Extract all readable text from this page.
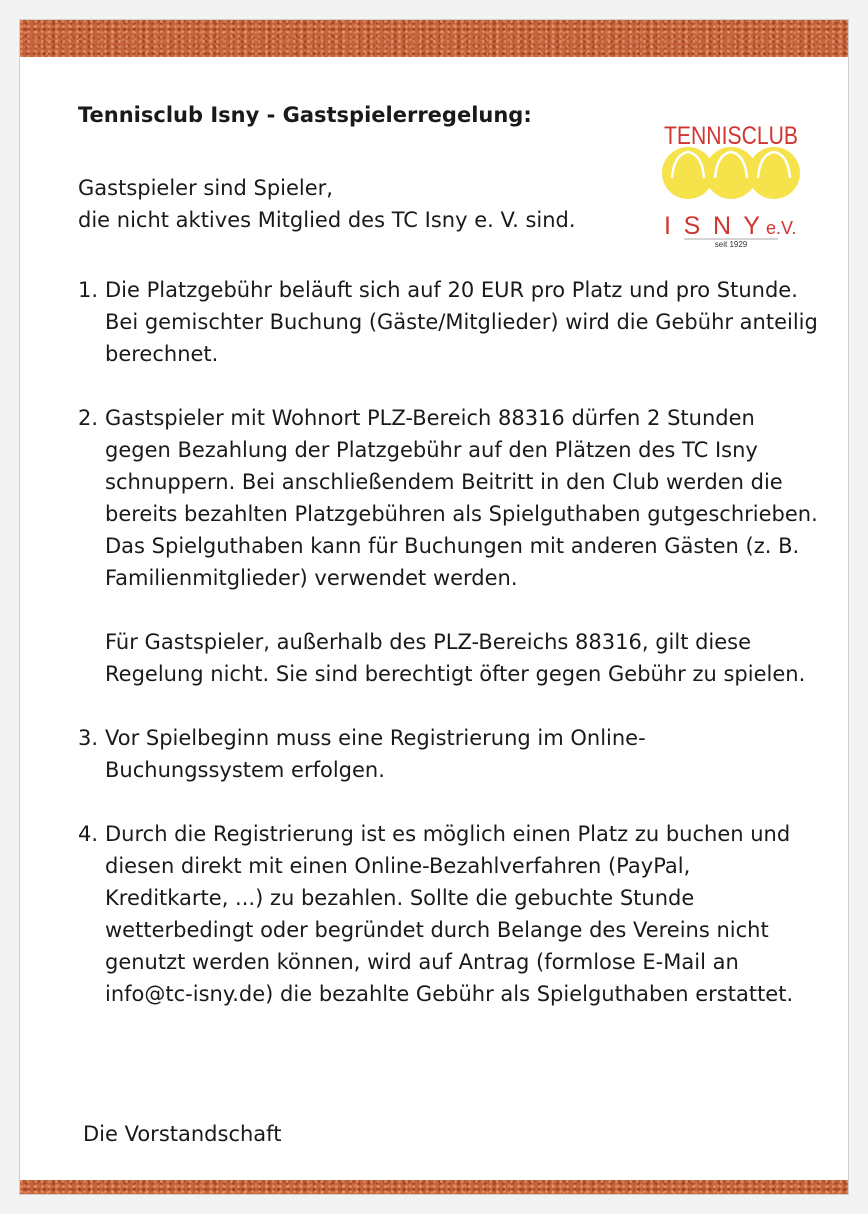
Tennisclub Isny - Gastspielerregelung:

Gastspieler sind Spieler,
die nicht aktives Mitglied des TC Isny e. V. sind.

1. Die Platzgebühr beläuft sich auf 20 EUR pro Platz und pro Stunde. Bei gemischter Buchung (Gäste/Mitglieder) wird die Gebühr anteilig berechnet.

2. Gastspieler mit Wohnort PLZ-Bereich 88316 dürfen 2 Stunden gegen Bezahlung der Platzgebühr auf den Plätzen des TC Isny schnuppern. Bei anschließendem Beitritt in den Club werden die bereits bezahlten Platzgebühren als Spielguthaben gutgeschrieben. Das Spielguthaben kann für Buchungen mit anderen Gästen (z. B. Familienmitglieder) verwendet werden.

Für Gastspieler, außerhalb des PLZ-Bereichs 88316, gilt diese Regelung nicht. Sie sind berechtigt öfter gegen Gebühr zu spielen.

3. Vor Spielbeginn muss eine Registrierung im Online-Buchungssystem erfolgen.

4. Durch die Registrierung ist es möglich einen Platz zu buchen und diesen direkt mit einen Online-Bezahlverfahren (PayPal, Kreditkarte, ...) zu bezahlen. Sollte die gebuchte Stunde wetterbedingt oder begründet durch Belange des Vereins nicht genutzt werden können, wird auf Antrag (formlose E-Mail an info@tc-isny.de) die bezahlte Gebühr als Spielguthaben erstattet.

Die Vorstandschaft

TENNISCLUB
I S N Y e.V.
seit 1929
